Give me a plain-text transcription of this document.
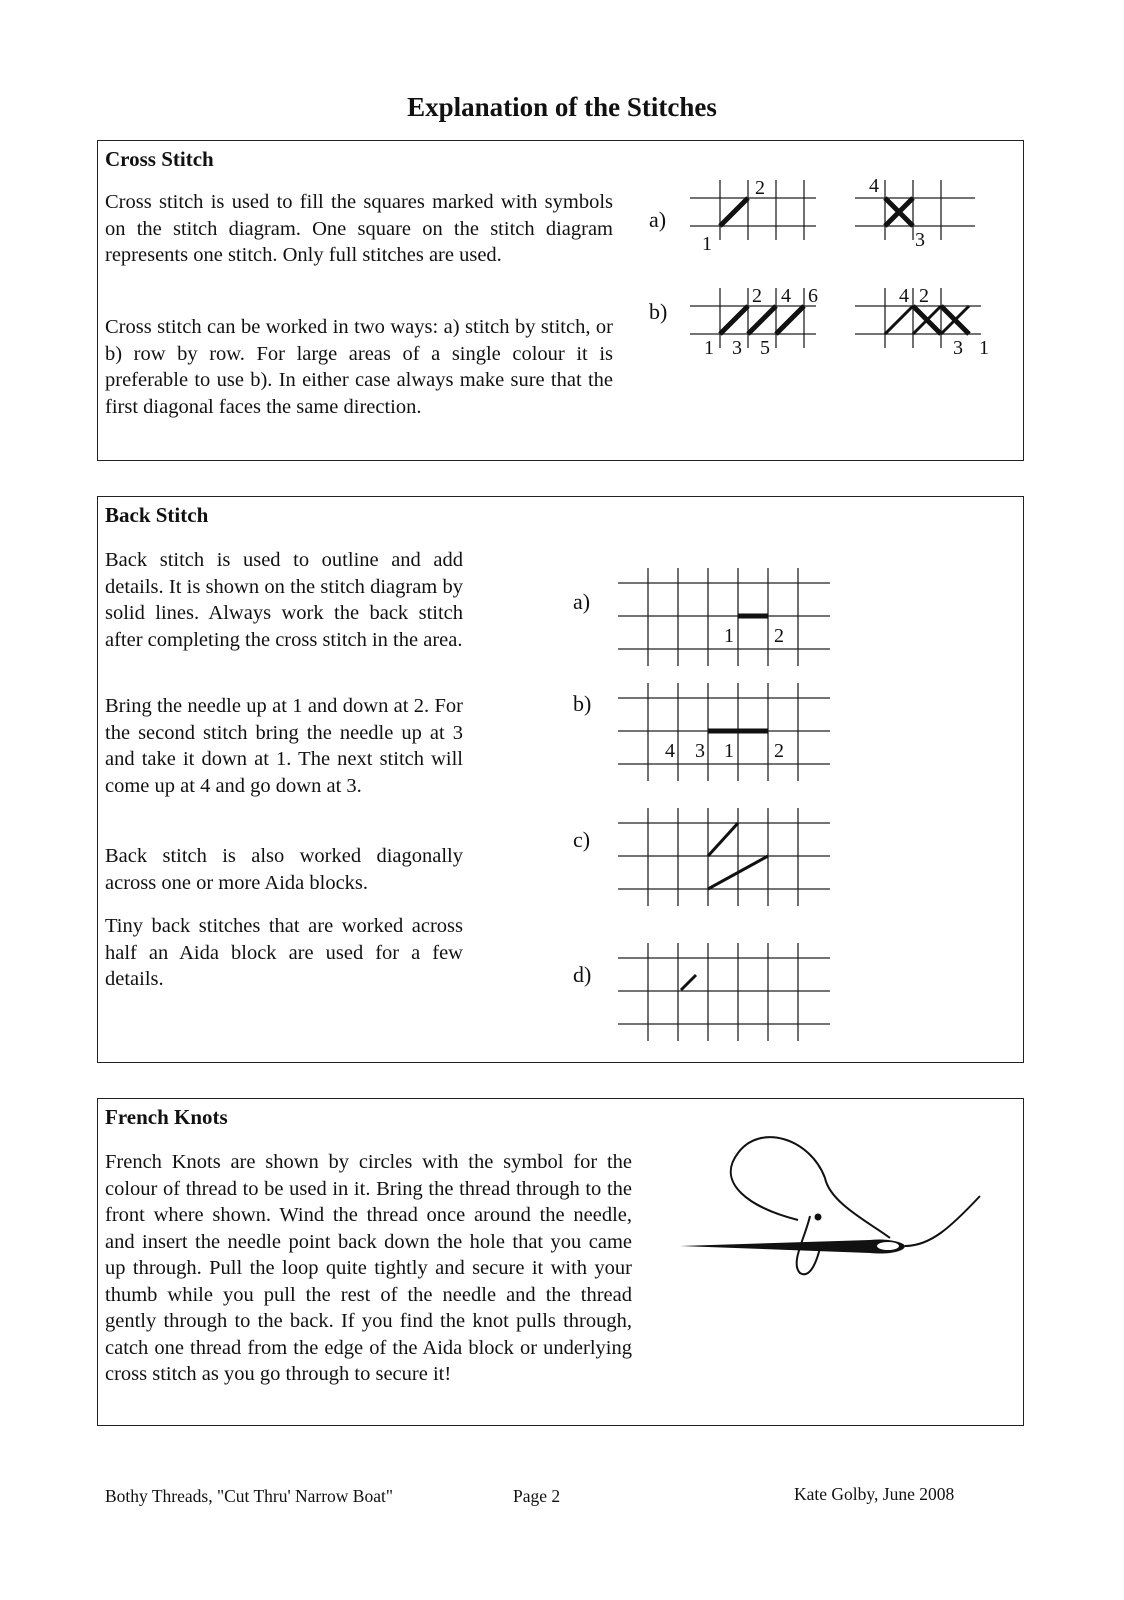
Explanation of the Stitches
Cross Stitch

Cross stitch is used to fill the squares marked with symbols on the stitch diagram. One square on the stitch diagram represents one stitch. Only full stitches are used.

Cross stitch can be worked in two ways: a) stitch by stitch, or b) row by row. For large areas of a single colour it is preferable to use b). In either case always make sure that the first diagonal faces the same direction.

a)
b)
1
2	4
3
1 3 5
2 4 6	4 2
3 1
Back Stitch

Back stitch is used to outline and add details. It is shown on the stitch diagram by solid lines. Always work the back stitch after completing the cross stitch in the area.

Bring the needle up at 1 and down at 2. For the second stitch bring the needle up at 3 and take it down at 1. The next stitch will come up at 4 and go down at 3.

Back stitch is also worked diagonally across one or more Aida blocks.

Tiny back stitches that are worked across half an Aida block are used for a few details.

a)
b)
c)
d)
1 2
4 3 1 2
French Knots

French Knots are shown by circles with the symbol for the colour of thread to be used in it. Bring the thread through to the front where shown. Wind the thread once around the needle, and insert the needle point back down the hole that you came up through. Pull the loop quite tightly and secure it with your thumb while you pull the rest of the needle and the thread gently through to the back. If you find the knot pulls through, catch one thread from the edge of the Aida block or underlying cross stitch as you go through to secure it!

Bothy Threads, "Cut Thru' Narrow Boat"	Page 2	Kate Golby, June 2008
